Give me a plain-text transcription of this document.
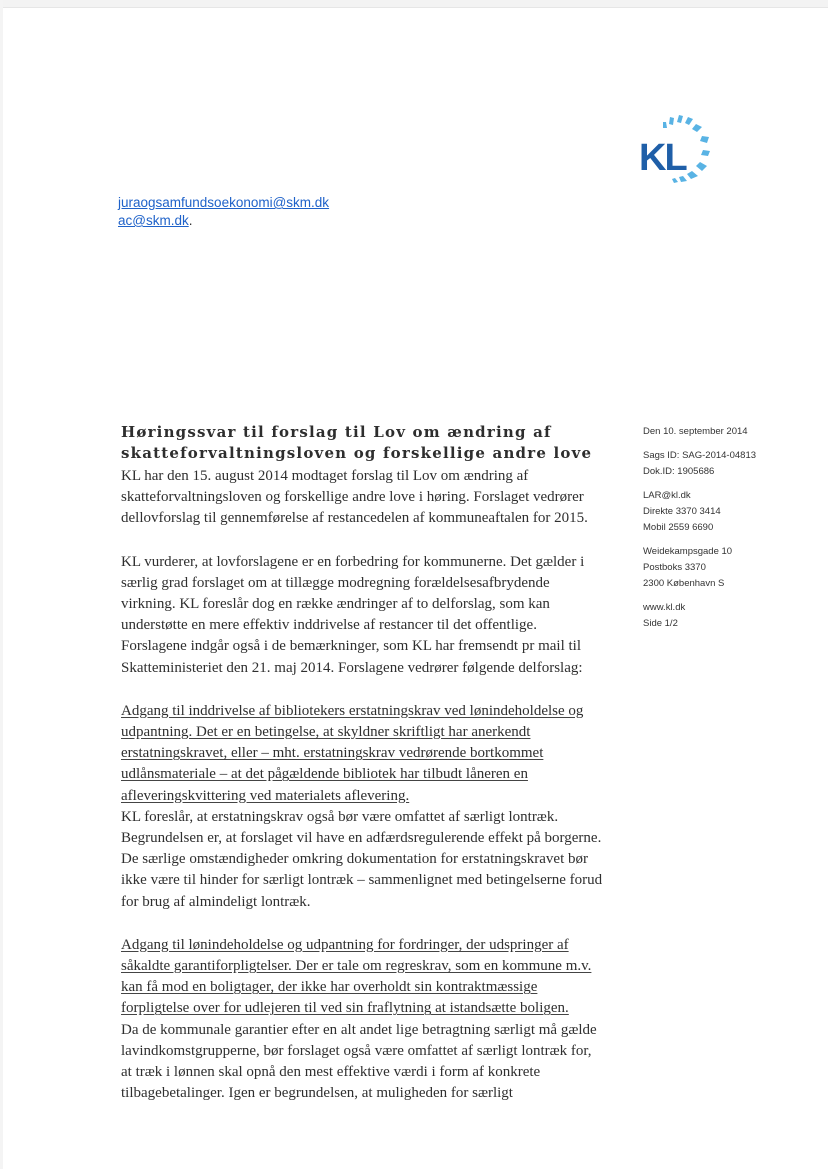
KL
juraogsamfundsoekonomi@skm.dk
ac@skm.dk.
Høringssvar til forslag til Lov om ændring af skatteforvaltningsloven og forskellige andre love

KL har den 15. august 2014 modtaget forslag til Lov om ændring af skatteforvaltningsloven og forskellige andre love i høring. Forslaget vedrører dellovforslag til gennemførelse af restancedelen af kommuneaftalen for 2015.

KL vurderer, at lovforslagene er en forbedring for kommunerne. Det gælder i særlig grad forslaget om at tillægge modregning forældelsesafbrydende virkning. KL foreslår dog en række ændringer af to delforslag, som kan understøtte en mere effektiv inddrivelse af restancer til det offentlige. Forslagene indgår også i de bemærkninger, som KL har fremsendt pr mail til Skatteministeriet den 21. maj 2014. Forslagene vedrører følgende delforslag:

Adgang til inddrivelse af bibliotekers erstatningskrav ved lønindeholdelse og udpantning. Det er en betingelse, at skyldner skriftligt har anerkendt erstatningskravet, eller – mht. erstatningskrav vedrørende bortkommet udlånsmateriale – at det pågældende bibliotek har tilbudt låneren en afleveringskvittering ved materialets aflevering.

KL foreslår, at erstatningskrav også bør være omfattet af særligt lontræk. Begrundelsen er, at forslaget vil have en adfærdsregulerende effekt på borgerne. De særlige omstændigheder omkring dokumentation for erstatningskravet bør ikke være til hinder for særligt lontræk – sammenlignet med betingelserne forud for brug af almindeligt lontræk.

Adgang til lønindeholdelse og udpantning for fordringer, der udspringer af såkaldte garantiforpligtelser. Der er tale om regreskrav, som en kommune m.v. kan få mod en boligtager, der ikke har overholdt sin kontraktmæssige forpligtelse over for udlejeren til ved sin fraflytning at istandsætte boligen.

Da de kommunale garantier efter en alt andet lige betragtning særligt må gælde lavindkomstgrupperne, bør forslaget også være omfattet af særligt lontræk for, at træk i lønnen skal opnå den mest effektive værdi i form af konkrete tilbagebetalinger. Igen er begrundelsen, at muligheden for særligt

Den 10. september 2014
Sags ID: SAG-2014-04813
Dok.ID: 1905686
LAR@kl.dk
Direkte 3370 3414
Mobil 2559 6690
Weidekampsgade 10
Postboks 3370
2300 København S
www.kl.dk
Side 1/2
